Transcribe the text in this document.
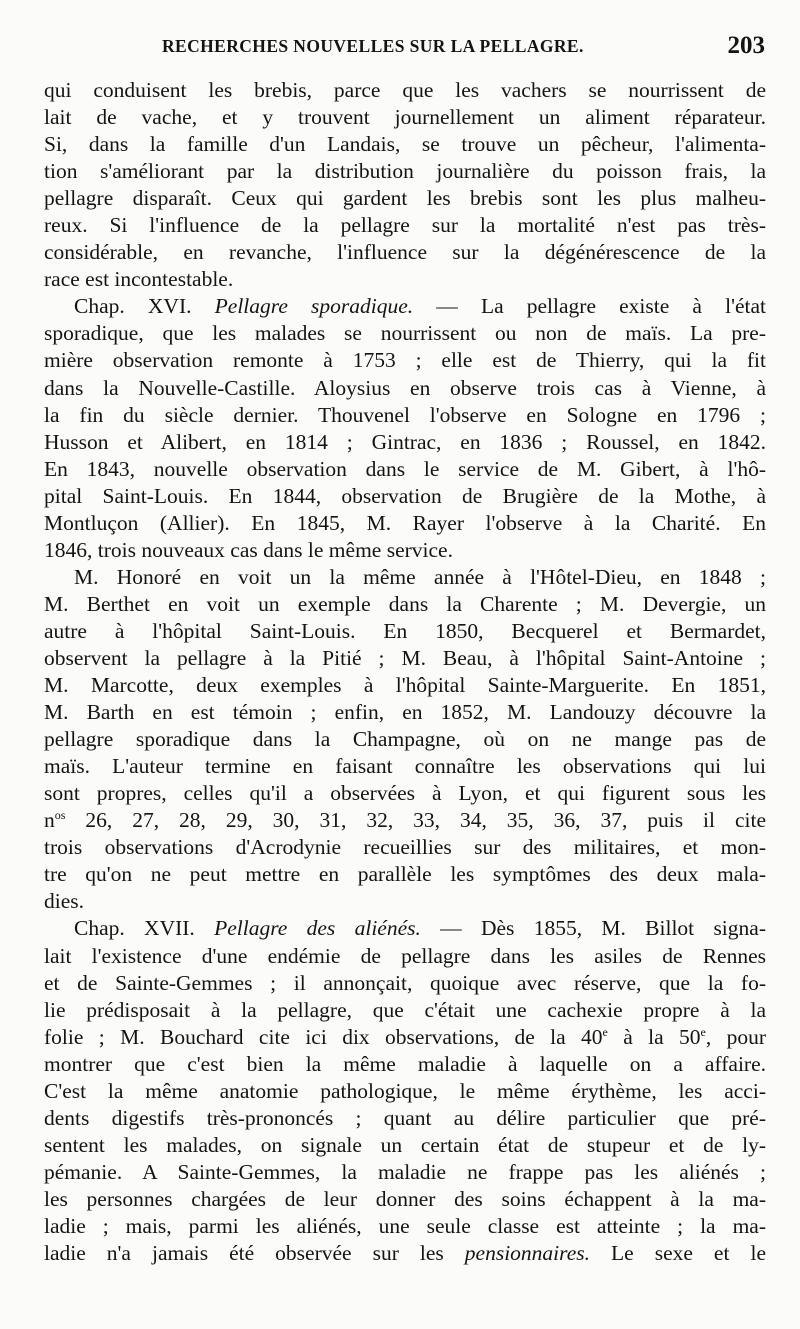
RECHERCHES NOUVELLES SUR LA PELLAGRE.	203
qui conduisent les brebis, parce que les vachers se nourrissent de
lait de vache, et y trouvent journellement un aliment réparateur.
Si, dans la famille d'un Landais, se trouve un pêcheur, l'alimenta-
tion s'améliorant par la distribution journalière du poisson frais, la
pellagre disparaît. Ceux qui gardent les brebis sont les plus malheu-
reux. Si l'influence de la pellagre sur la mortalité n'est pas très-
considérable, en revanche, l'influence sur la dégénérescence de la
race est incontestable.
Chap. XVI. Pellagre sporadique. — La pellagre existe à l'état
sporadique, que les malades se nourrissent ou non de maïs. La pre-
mière observation remonte à 1753 ; elle est de Thierry, qui la fit
dans la Nouvelle-Castille. Aloysius en observe trois cas à Vienne, à
la fin du siècle dernier. Thouvenel l'observe en Sologne en 1796 ;
Husson et Alibert, en 1814 ; Gintrac, en 1836 ; Roussel, en 1842.
En 1843, nouvelle observation dans le service de M. Gibert, à l'hô-
pital Saint-Louis. En 1844, observation de Brugière de la Mothe, à
Montluçon (Allier). En 1845, M. Rayer l'observe à la Charité. En
1846, trois nouveaux cas dans le même service.
M. Honoré en voit un la même année à l'Hôtel-Dieu, en 1848 ;
M. Berthet en voit un exemple dans la Charente ; M. Devergie, un
autre à l'hôpital Saint-Louis. En 1850, Becquerel et Bermardet,
observent la pellagre à la Pitié ; M. Beau, à l'hôpital Saint-Antoine ;
M. Marcotte, deux exemples à l'hôpital Sainte-Marguerite. En 1851,
M. Barth en est témoin ; enfin, en 1852, M. Landouzy découvre la
pellagre sporadique dans la Champagne, où on ne mange pas de
maïs. L'auteur termine en faisant connaître les observations qui lui
sont propres, celles qu'il a observées à Lyon, et qui figurent sous les
$n^{os}$ 26, 27, 28, 29, 30, 31, 32, 33, 34, 35, 36, 37, puis il cite
trois observations d'Acrodynie recueillies sur des militaires, et mon-
tre qu'on ne peut mettre en parallèle les symptômes des deux mala-
dies.
Chap. XVII. Pellagre des aliénés. — Dès 1855, M. Billot signa-
lait l'existence d'une endémie de pellagre dans les asiles de Rennes
et de Sainte-Gemmes ; il annonçait, quoique avec réserve, que la fo-
lie prédisposait à la pellagre, que c'était une cachexie propre à la
folie ; M. Bouchard cite ici dix observations, de la 40e à la 50e, pour
montrer que c'est bien la même maladie à laquelle on a affaire.
C'est la même anatomie pathologique, le même érythème, les acci-
dents digestifs très-prononcés ; quant au délire particulier que pré-
sentent les malades, on signale un certain état de stupeur et de ly-
pémanie. A Sainte-Gemmes, la maladie ne frappe pas les aliénés ;
les personnes chargées de leur donner des soins échappent à la ma-
ladie ; mais, parmi les aliénés, une seule classe est atteinte ; la ma-
ladie n'a jamais été observée sur les pensionnaires. Le sexe et le
